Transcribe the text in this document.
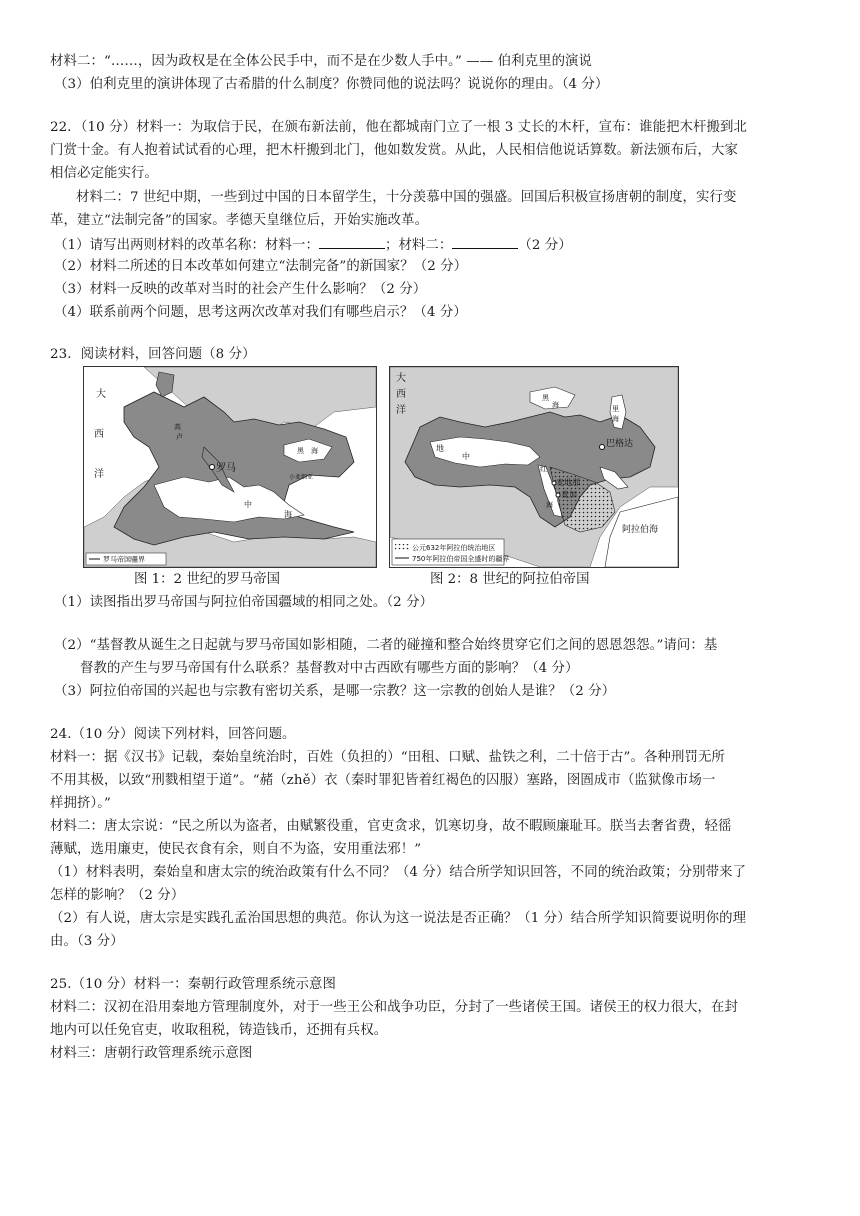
材料二：“……，因为政权是在全体公民手中，而不是在少数人手中。” —— 伯利克里的演说
（3）伯利克里的演讲体现了古希腊的什么制度？你赞同他的说法吗？说说你的理由。（4 分）
22．（10 分）材料一：为取信于民，在颁布新法前，他在都城南门立了一根 3 丈长的木杆，宣布：谁能把木杆搬到北
门赏十金。有人抱着试试看的心理，把木杆搬到北门，他如数发赏。从此，人民相信他说话算数。新法颁布后，大家
相信必定能实行。
材料二：7 世纪中期，一些到过中国的日本留学生，十分羡慕中国的强盛。回国后积极宣扬唐朝的制度，实行变
革，建立“法制完备”的国家。孝德天皇继位后，开始实施改革。
（1）请写出两则材料的改革名称：材料一：	；材料二：	（2 分）
（2）材料二所述的日本改革如何建立“法制完备”的新国家？（2 分）
（3）材料一反映的改革对当时的社会产生什么影响？（2 分）
（4）联系前两个问题，思考这两次改革对我们有哪些启示？（4 分）
23．阅读材料，回答问题（8 分）
大
西
洋
高
卢
罗马
中
海
黑 海
小亚细亚
罗马帝国疆界
大
西
洋
地
中
黑
海
巴格达
麦加
麦地那
红
海
阿拉伯海
里
海
公元632年阿拉伯统治地区
750年阿拉伯帝国全盛时的疆界
图 1：2 世纪的罗马帝国	图 2：8 世纪的阿拉伯帝国
（1）读图指出罗马帝国与阿拉伯帝国疆域的相同之处。（2 分）
（2）“基督教从诞生之日起就与罗马帝国如影相随，二者的碰撞和整合始终贯穿它们之间的恩恩怨怨。”请问：基
督教的产生与罗马帝国有什么联系？基督教对中古西欧有哪些方面的影响？（4 分）
（3）阿拉伯帝国的兴起也与宗教有密切关系，是哪一宗教？这一宗教的创始人是谁？（2 分）
24.（10 分）阅读下列材料，回答问题。
材料一：据《汉书》记载，秦始皇统治时，百姓（负担的）“田租、口赋、盐铁之利，二十倍于古”。各种刑罚无所
不用其极，以致“刑戮相望于道”。“赭（zhě）衣（秦时罪犯皆着红褐色的囚服）塞路，囹圄成市（监狱像市场一
样拥挤）。”
材料二：唐太宗说：“民之所以为盗者，由赋繁役重，官吏贪求，饥寒切身，故不暇顾廉耻耳。朕当去奢省费，轻徭
薄赋，选用廉吏，使民衣食有余，则自不为盗，安用重法邪！”
（1）材料表明，秦始皇和唐太宗的统治政策有什么不同？（4 分）结合所学知识回答，不同的统治政策；分别带来了
怎样的影响？（2 分）
（2）有人说，唐太宗是实践孔孟治国思想的典范。你认为这一说法是否正确？（1 分）结合所学知识简要说明你的理
由。（3 分）
25.（10 分）材料一：秦朝行政管理系统示意图
材料二：汉初在沿用秦地方管理制度外，对于一些王公和战争功臣，分封了一些诸侯王国。诸侯王的权力很大，在封
地内可以任免官吏，收取租税，铸造钱币，还拥有兵权。
材料三：唐朝行政管理系统示意图
